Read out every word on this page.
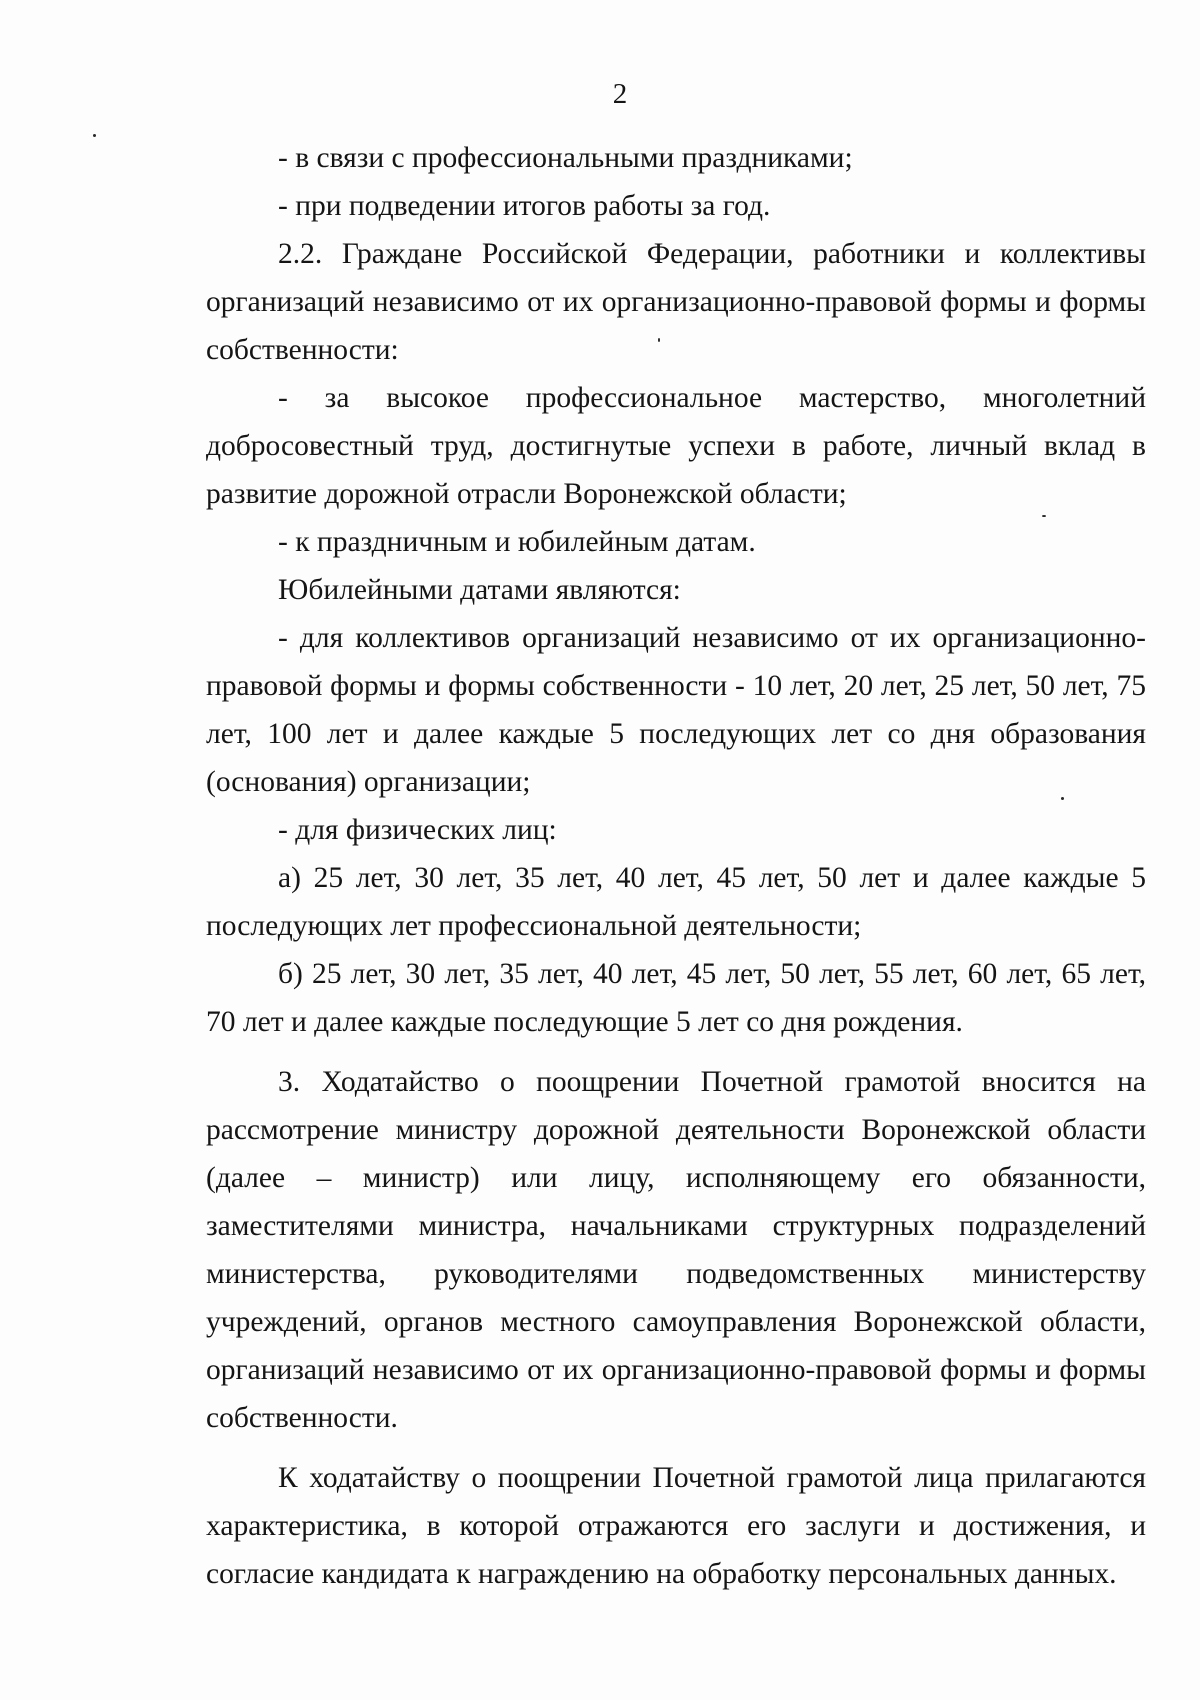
2

- в связи с профессиональными праздниками;

- при подведении итогов работы за год.

2.2. Граждане Российской Федерации, работники и коллективы организаций независимо от их организационно-правовой формы и формы собственности:

- за высокое профессиональное мастерство, многолетний добросовестный труд, достигнутые успехи в работе, личный вклад в развитие дорожной отрасли Воронежской области;

- к праздничным и юбилейным датам.

Юбилейными датами являются:

- для коллективов организаций независимо от их организационно-правовой формы и формы собственности - 10 лет, 20 лет, 25 лет, 50 лет, 75 лет, 100 лет и далее каждые 5 последующих лет со дня образования (основания) организации;

- для физических лиц:

а) 25 лет, 30 лет, 35 лет, 40 лет, 45 лет, 50 лет и далее каждые 5 последующих лет профессиональной деятельности;

б) 25 лет, 30 лет, 35 лет, 40 лет, 45 лет, 50 лет, 55 лет, 60 лет, 65 лет, 70 лет и далее каждые последующие 5 лет со дня рождения.

3. Ходатайство о поощрении Почетной грамотой вносится на рассмотрение министру дорожной деятельности Воронежской области (далее – министр) или лицу, исполняющему его обязанности, заместителями министра, начальниками структурных подразделений министерства, руководителями подведомственных министерству учреждений, органов местного самоуправления Воронежской области, организаций независимо от их организационно-правовой формы и формы собственности.

К ходатайству о поощрении Почетной грамотой лица прилагаются характеристика, в которой отражаются его заслуги и достижения, и согласие кандидата к награждению на обработку персональных данных.
